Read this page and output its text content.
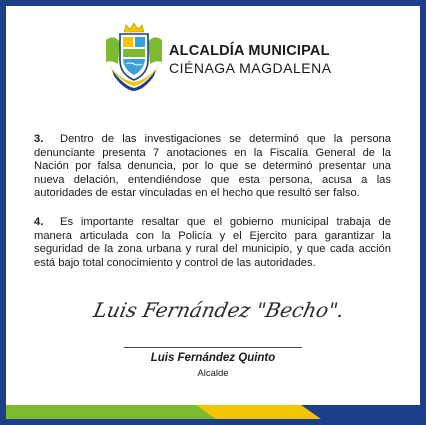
ALCALDÍA MUNICIPAL
CIÉNAGA MAGDALENA
3. Dentro de las investigaciones se determinó que la persona denunciante presenta 7 anotaciones en la Fiscalía General de la Nación por falsa denuncia, por lo que se determinó presentar una nueva delación, entendiéndose que esta persona, acusa a las autoridades de estar vinculadas en el hecho que resultó ser falso.
4. Es importante resaltar que el gobierno municipal trabaja de manera articulada con la Policía y el Ejercito para garantizar la seguridad de la zona urbana y rural del municipio, y que cada acción está bajo total conocimiento y control de las autoridades.
Luis Fernández "Becho".
Luis Fernández Quinto
Alcalde
